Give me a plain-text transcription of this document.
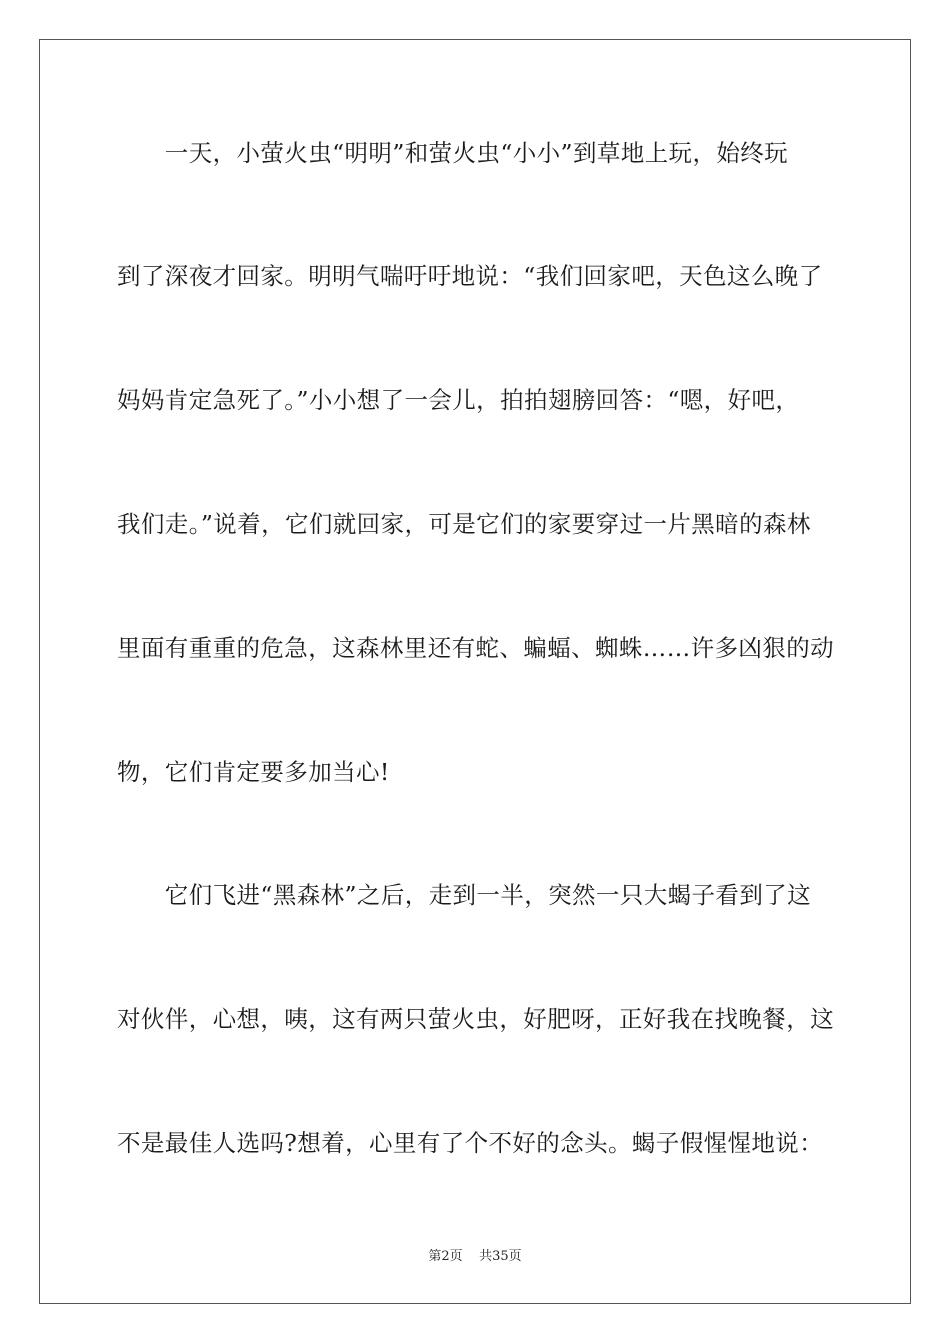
　　一天，小萤火虫“明明”和萤火虫“小小”到草地上玩，始终玩
到了深夜才回家。明明气喘吁吁地说：“我们回家吧，天色这么晚了
妈妈肯定急死了。”小小想了一会儿，拍拍翅膀回答：“嗯，好吧，
我们走。”说着，它们就回家，可是它们的家要穿过一片黑暗的森林
里面有重重的危急，这森林里还有蛇、蝙蝠、蜘蛛……许多凶狠的动
物，它们肯定要多加当心!
　　它们飞进“黑森林”之后，走到一半，突然一只大蝎子看到了这
对伙伴，心想，咦，这有两只萤火虫，好肥呀，正好我在找晚餐，这
不是最佳人选吗?想着，心里有了个不好的念头。蝎子假惺惺地说：
第2页 共35页
